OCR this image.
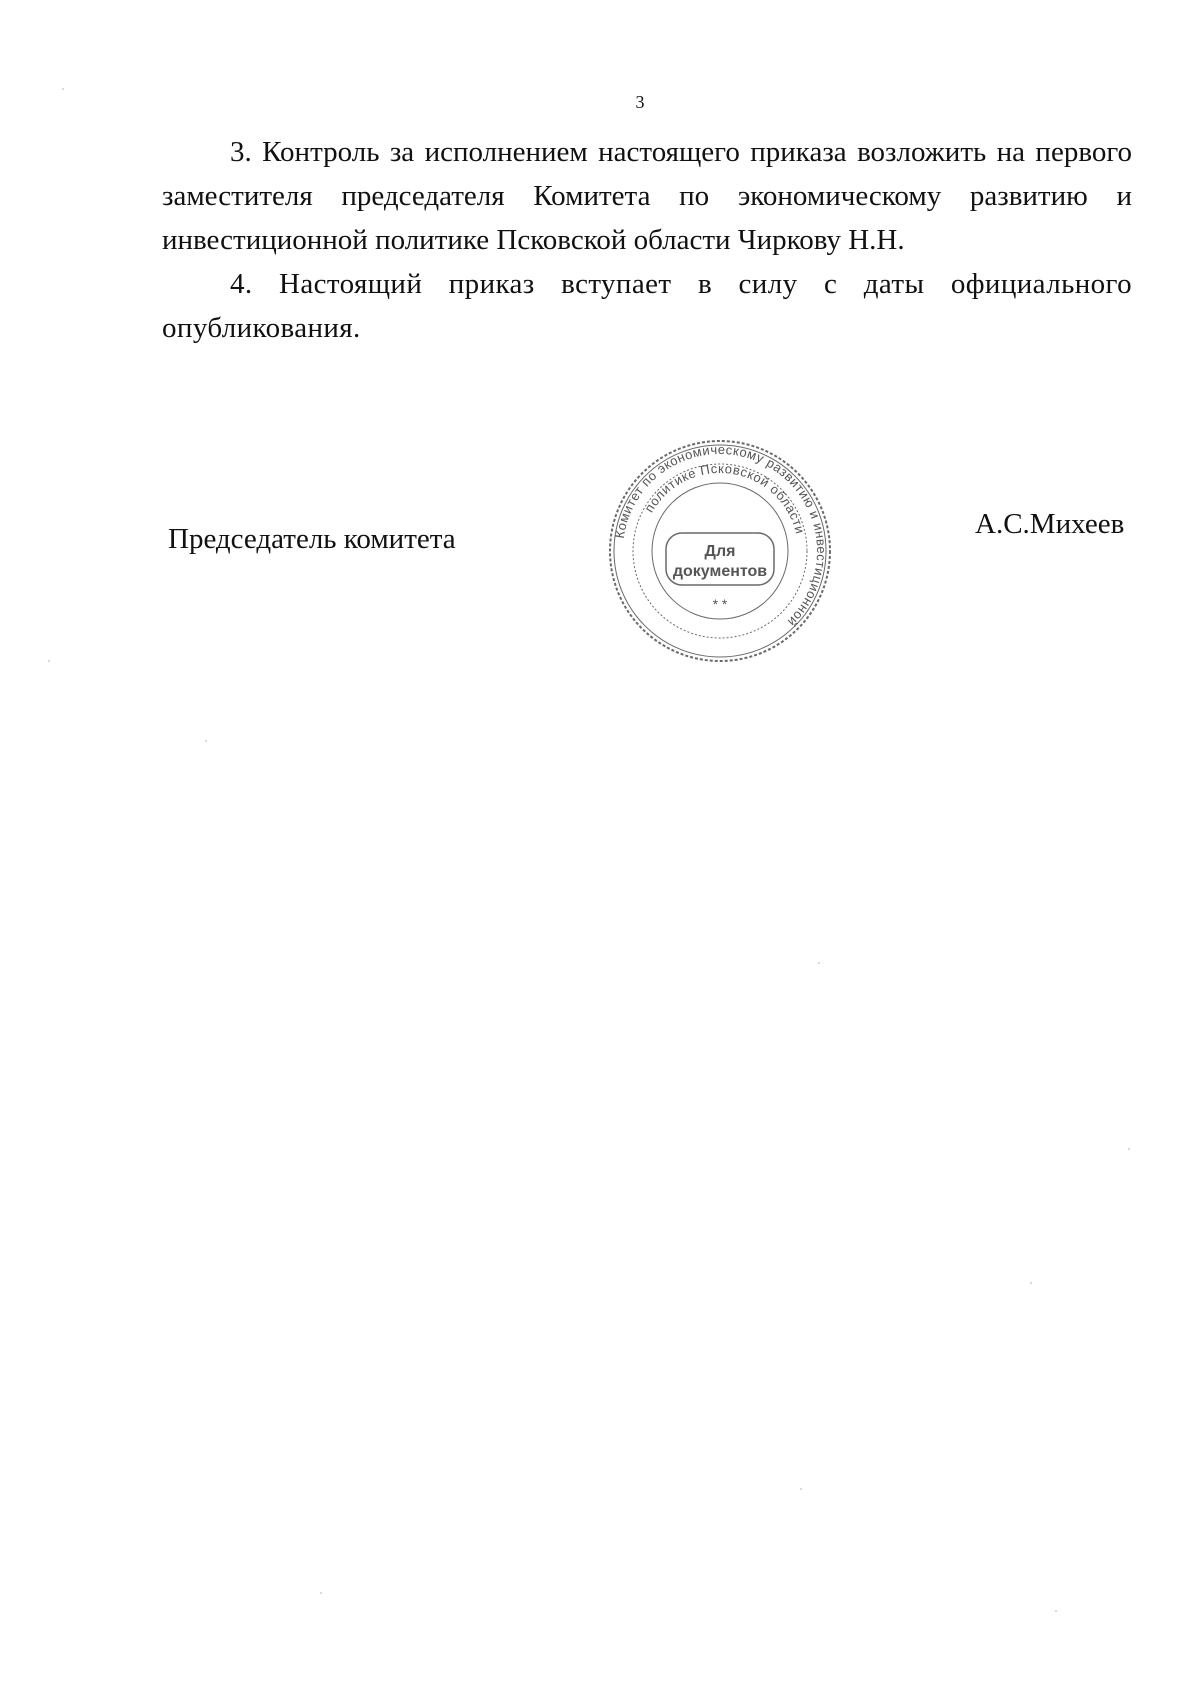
3

3. Контроль за исполнением настоящего приказа возложить на первого заместителя председателя Комитета по экономическому развитию и инвестиционной политике Псковской области Чиркову Н.Н.

4. Настоящий приказ вступает в силу с даты официального опубликования.

Председатель комитета	Комитет по экономическому развитию и инвестиционной
политике Псковской области
Для
документов
* *
А.С.Михеев
